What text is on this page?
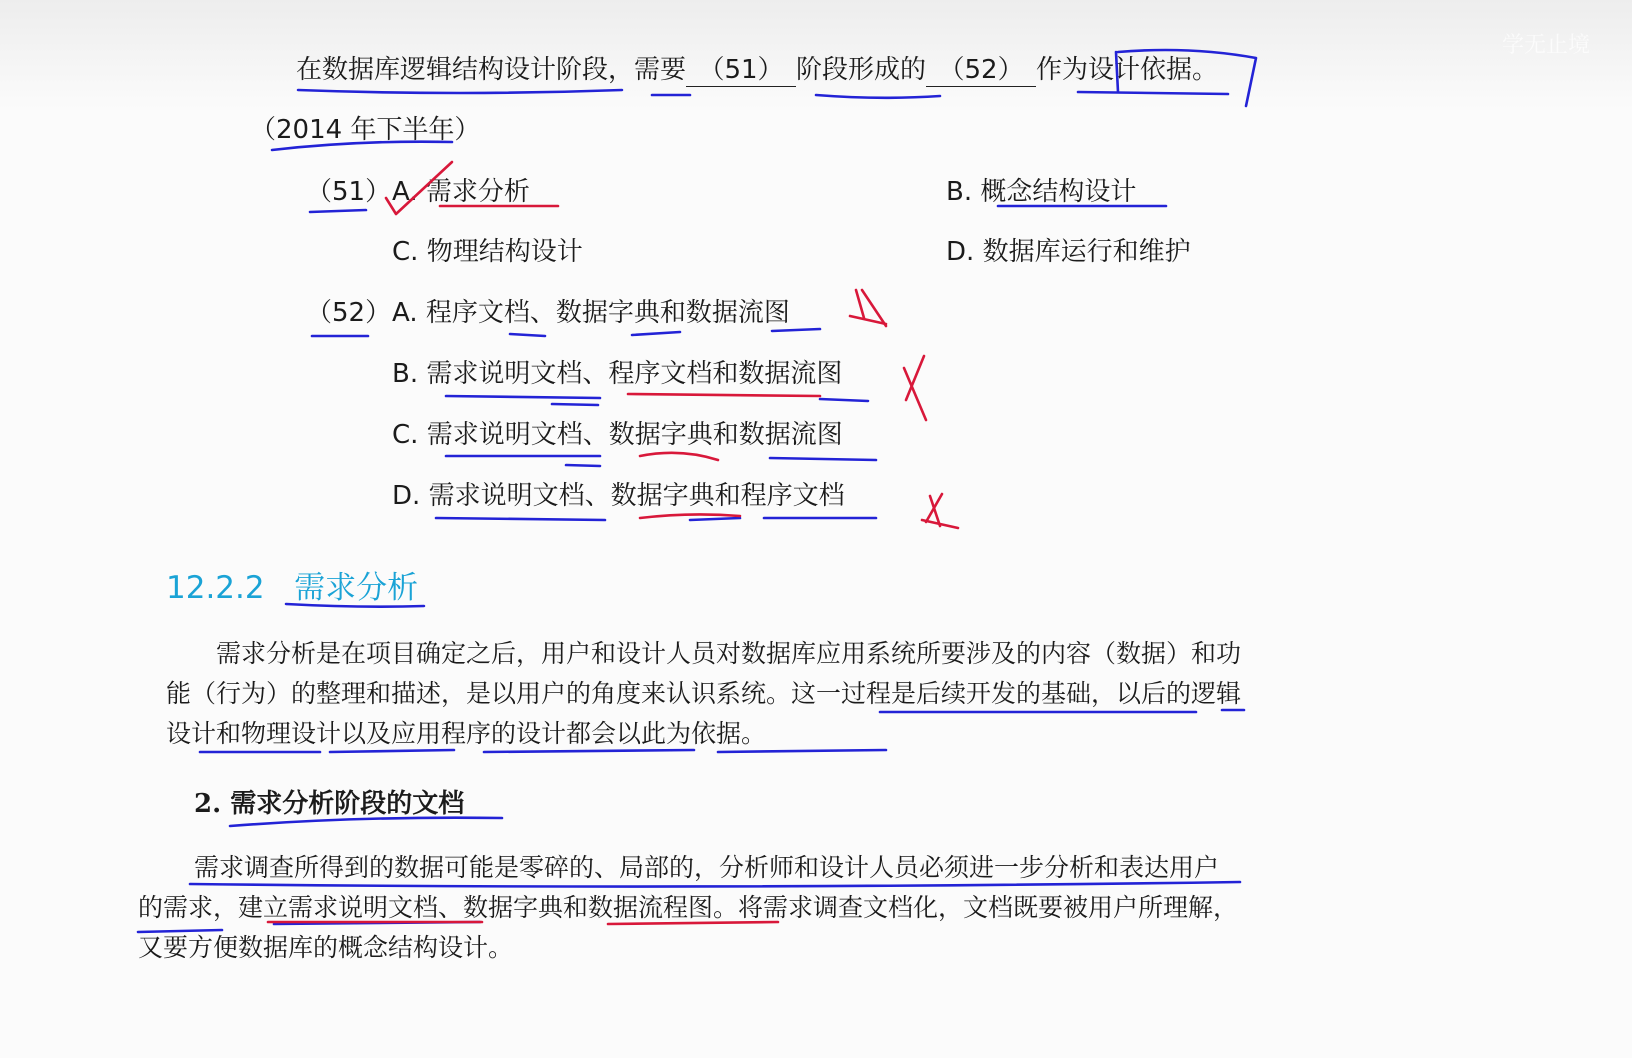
在数据库逻辑结构设计阶段，需要 （51） 阶段形成的 （52） 作为设计依据。
（2014 年下半年）
（51） A. 需求分析	B. 概念结构设计
C. 物理结构设计	D. 数据库运行和维护
（52） A. 程序文档、数据字典和数据流图
B. 需求说明文档、程序文档和数据流图
C. 需求说明文档、数据字典和数据流图
D. 需求说明文档、数据字典和程序文档
12.2.2 需求分析

需求分析是在项目确定之后，用户和设计人员对数据库应用系统所要涉及的内容（数据）和功能（行为）的整理和描述，是以用户的角度来认识系统。这一过程是后续开发的基础，以后的逻辑设计和物理设计以及应用程序的设计都会以此为依据。

2. 需求分析阶段的文档

需求调查所得到的数据可能是零碎的、局部的，分析师和设计人员必须进一步分析和表达用户的需求，建立需求说明文档、数据字典和数据流程图。将需求调查文档化，文档既要被用户所理解，又要方便数据库的概念结构设计。

学无止境
